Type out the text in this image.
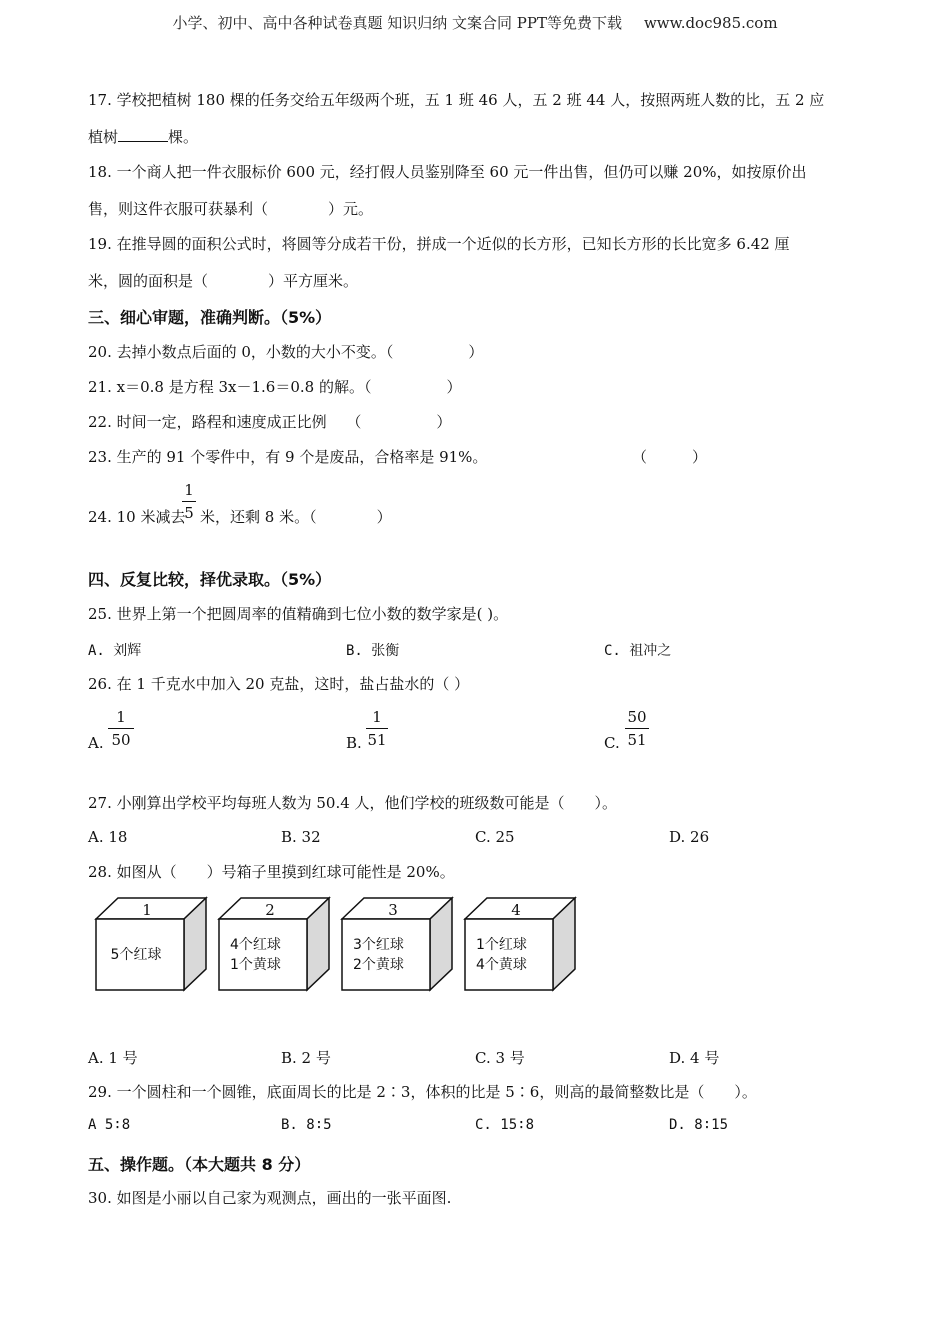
小学、初中、高中各种试卷真题 知识归纳 文案合同 PPT等免费下载 www.doc985.com
17. 学校把植树 180 棵的任务交给五年级两个班，五 1 班 46 人，五 2 班 44 人，按照两班人数的比，五 2 应
植树	棵。
18. 一个商人把一件衣服标价 600 元，经打假人员鉴别降至 60 元一件出售，但仍可以赚 20%，如按原价出
售，则这件衣服可获暴利（　　　　）元。
19. 在推导圆的面积公式时，将圆等分成若干份，拼成一个近似的长方形，已知长方形的长比宽多 6.42 厘
米，圆的面积是（　　　　）平方厘米。
三、细心审题，准确判断。（5%）
20. 去掉小数点后面的 0，小数的大小不变。（　　　　　）
21. x＝0.8 是方程 3x－1.6＝0.8 的解。（　　　　　）
22. 时间一定，路程和速度成正比例　 （　　　　　）
23. 生产的 91 个零件中，有 9 个是废品，合格率是 91%。	（　　　）
24. 10 米减去
1
5 米，还剩 8 米。（　　　　）
四、反复比较，择优录取。（5%）
25. 世界上第一个把圆周率的值精确到七位小数的数学家是( )。
A. 刘辉	B. 张衡	C. 祖冲之
26. 在 1 千克水中加入 20 克盐，这时，盐占盐水的（ ）
A.
1
50	B.
1
51	C.
50
51
27. 小刚算出学校平均每班人数为 50.4 人，他们学校的班级数可能是（　　）。
A. 18	B. 32	C. 25	D. 26
28. 如图从（　　）号箱子里摸到红球可能性是 20%。
1
5个红球
2
4个红球
1个黄球
3
3个红球
2个黄球
4
1个红球
4个黄球
A. 1 号	B. 2 号	C. 3 号	D. 4 号
29. 一个圆柱和一个圆锥，底面周长的比是 2∶3，体积的比是 5∶6，则高的最简整数比是（　　）。
A 5∶8	B. 8∶5	C. 15∶8	D. 8∶15
五、操作题。（本大题共 8 分）
30. 如图是小丽以自己家为观测点，画出的一张平面图.
